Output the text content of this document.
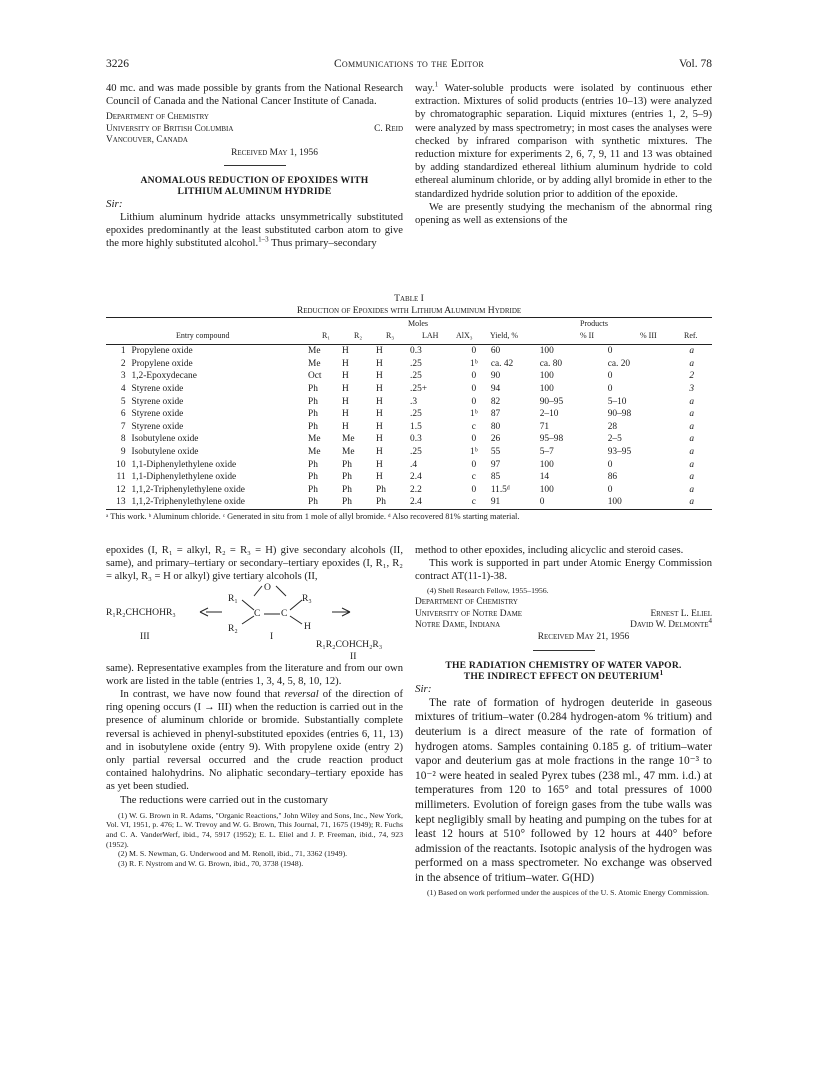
3226	Communications to the Editor	Vol. 78

40 mc. and was made possible by grants from the National Research Council of Canada and the National Cancer Institute of Canada.

Department of Chemistry
University of British Columbia	C. Reid
Vancouver, Canada
Received May 1, 1956
ANOMALOUS REDUCTION OF EPOXIDES WITH
LITHIUM ALUMINUM HYDRIDE
Sir:

Lithium aluminum hydride attacks unsymmetrically substituted epoxides predominantly at the least substituted carbon atom to give the more highly substituted alcohol.$^{1-3}$ Thus primary–secondary

way.$^1$ Water-soluble products were isolated by continuous ether extraction. Mixtures of solid products (entries 10–13) were analyzed by chromatographic separation. Liquid mixtures (entries 1, 2, 5–9) were analyzed by mass spectrometry; in most cases the analyses were checked by infrared comparison with synthetic mixtures. The reduction mixture for experiments 2, 6, 7, 9, 11 and 13 was obtained by adding standardized ethereal lithium aluminum hydride to cold ethereal aluminum chloride, or by adding allyl bromide in ether to the standardized hydride solution prior to addition of the epoxide.

We are presently studying the mechanism of the abnormal ring opening as well as extensions of the

Table I
Reduction of Epoxides with Lithium Aluminum Hydride
Moles	Products
Entry compound	R₁	R₂	R₃	LAH AlX₃ Yield, %	% II	% III	Ref.
1	Propylene oxide	Me	H	H	0.3	0	60	100	0	a
2	Propylene oxide	Me	H	H	.25	1ᵇ	ca. 42	ca. 80	ca. 20	a
3	1,2-Epoxydecane	Oct	H	H	.25	0	90	100	0	2
4	Styrene oxide	Ph	H	H	.25+	0	94	100	0	3
5	Styrene oxide	Ph	H	H	.3	0	82	90–95	5–10	a
6	Styrene oxide	Ph	H	H	.25	1ᵇ	87	2–10	90–98	a
7	Styrene oxide	Ph	H	H	1.5	c	80	71	28	a
8	Isobutylene oxide	Me	Me	H	0.3	0	26	95–98	2–5	a
9	Isobutylene oxide	Me	Me	H	.25	1ᵇ	55	5–7	93–95	a
10	1,1-Diphenylethylene oxide	Ph	Ph	H	.4	0	97	100	0	a
11	1,1-Diphenylethylene oxide	Ph	Ph	H	2.4	c	85	14	86	a
12	1,1,2-Triphenylethylene oxide	Ph	Ph	Ph	2.2	0	11.5ᵈ	100	0	a
13	1,1,2-Triphenylethylene oxide	Ph	Ph	Ph	2.4	c	91	0	100	a
ᵃ This work. ᵇ Aluminum chloride. ᶜ Generated in situ from 1 mole of allyl bromide. ᵈ Also recovered 81% starting material.

epoxides (I, R₁ = alkyl, R₂ = R₃ = H) give secondary alcohols (II, same), and primary–tertiary or secondary–tertiary epoxides (I, R₁, R₂ = alkyl, R₃ = H or alkyl) give tertiary alcohols (II,

R₁R₂CHCHOHR₃
III
R₁
R₂
O
C C
R₃
H
I
R₁R₂COHCH₂R₃
II

same). Representative examples from the literature and from our own work are listed in the table (entries 1, 3, 4, 5, 8, 10, 12).

In contrast, we have now found that reversal of the direction of ring opening occurs (I → III) when the reduction is carried out in the presence of aluminum chloride or bromide. Substantially complete reversal is achieved in phenyl-substituted epoxides (entries 6, 11, 13) and in isobutylene oxide (entry 9). With propylene oxide (entry 2) only partial reversal occurred and the crude reaction product contained halohydrins. No aliphatic secondary–tertiary epoxide has as yet been studied.

The reductions were carried out in the customary

(1) W. G. Brown in R. Adams, "Organic Reactions," John Wiley and Sons, Inc., New York, Vol. VI, 1951, p. 476; L. W. Trevoy and W. G. Brown, This Journal, 71, 1675 (1949); R. Fuchs and C. A. VanderWerf, ibid., 74, 5917 (1952); E. L. Eliel and J. P. Freeman, ibid., 74, 923 (1952).

(2) M. S. Newman, G. Underwood and M. Renoll, ibid., 71, 3362 (1949).

(3) R. F. Nystrom and W. G. Brown, ibid., 70, 3738 (1948).

method to other epoxides, including alicyclic and steroid cases.

This work is supported in part under Atomic Energy Commission contract AT(11-1)-38.

(4) Shell Research Fellow, 1955–1956.

Department of Chemistry
University of Notre Dame	Ernest L. Eliel
Notre Dame, Indiana	David W. Delmonte$^4$
Received May 21, 1956
THE RADIATION CHEMISTRY OF WATER VAPOR.
THE INDIRECT EFFECT ON DEUTERIUM$^1$
Sir:

The rate of formation of hydrogen deuteride in gaseous mixtures of tritium–water (0.284 hydrogen-atom % tritium) and deuterium is a direct measure of the rate of formation of hydrogen atoms. Samples containing 0.185 g. of tritium–water vapor and deuterium gas at mole fractions in the range 10⁻³ to 10⁻² were heated in sealed Pyrex tubes (238 ml., 47 mm. i.d.) at temperatures from 120 to 165° and total pressures of 1000 millimeters. Evolution of foreign gases from the tube walls was kept negligibly small by heating and pumping on the tubes for at least 12 hours at 510° followed by 12 hours at 440° before admission of the reactants. Isotopic analysis of the hydrogen was performed on a mass spectrometer. No exchange was observed in the absence of tritium–water. G(HD)

(1) Based on work performed under the auspices of the U. S. Atomic Energy Commission.
